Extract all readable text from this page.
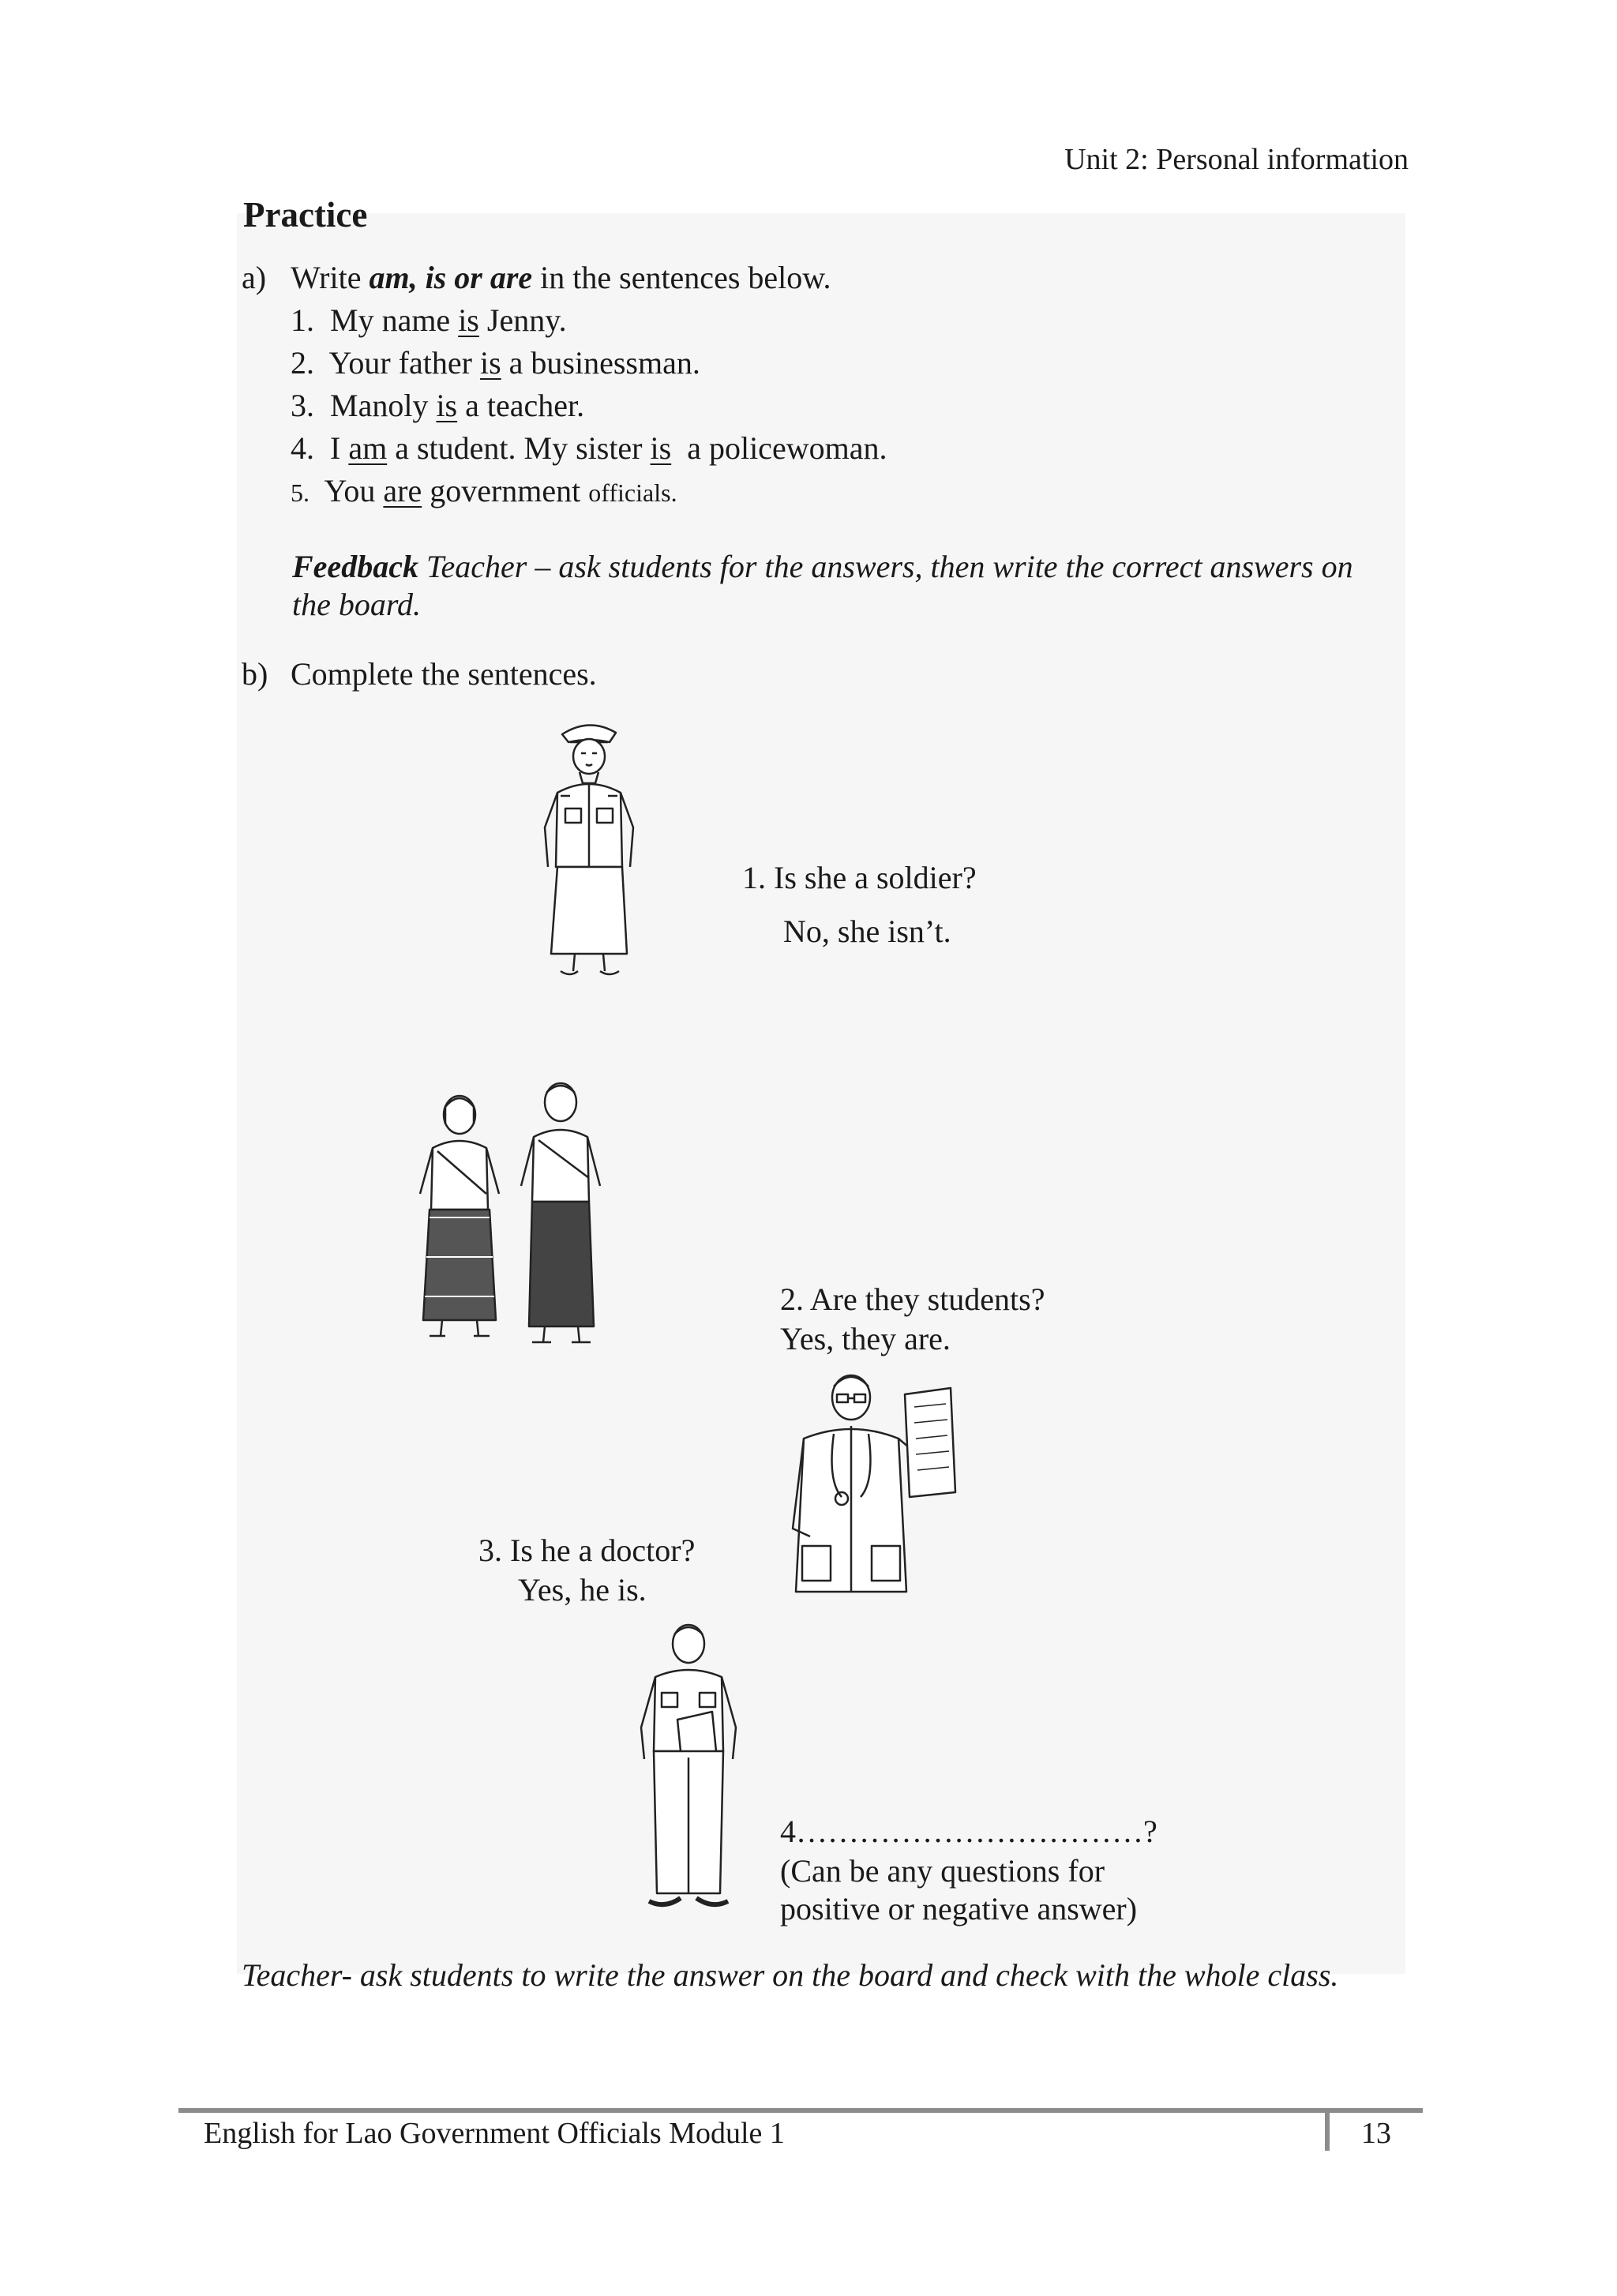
Unit 2: Personal information
Practice
a) Write am, is or are in the sentences below.
1. My name is Jenny.
2. Your father is a businessman.
3. Manoly is a teacher.
4. I am a student. My sister is a policewoman.
5. You are government officials.
Feedback Teacher – ask students for the answers, then write the correct answers on
the board.
b) Complete the sentences.
1. Is she a soldier?
No, she isn’t.
2. Are they students?
Yes, they are.
3. Is he a doctor?
Yes, he is.
4……………………………?
(Can be any questions for
positive or negative answer)
Teacher- ask students to write the answer on the board and check with the whole class.
English for Lao Government Officials Module 1	13
